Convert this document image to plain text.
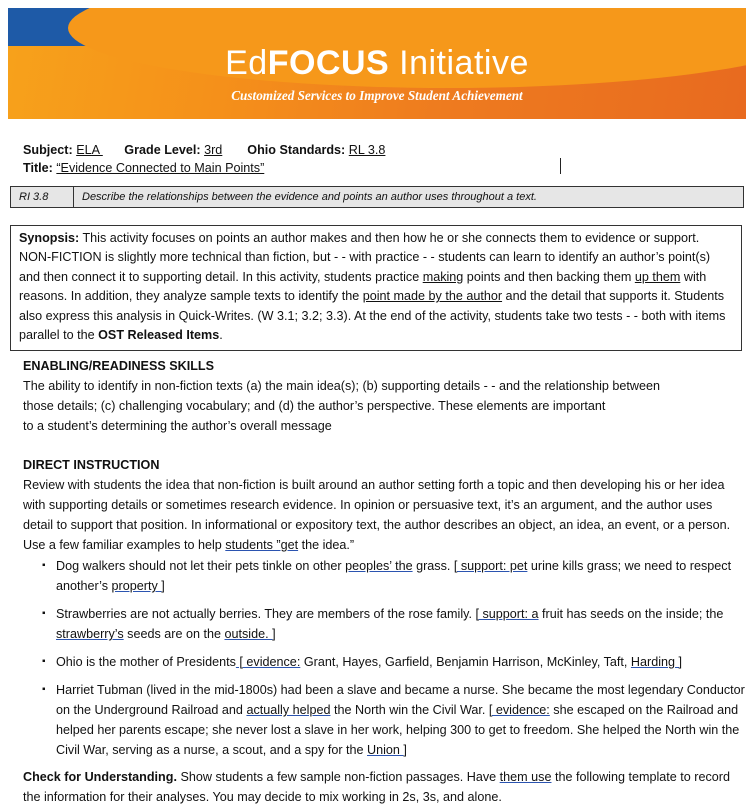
EdFOCUS Initiative
Customized Services to Improve Student Achievement
Subject: ELA  Grade Level: 3rd Ohio Standards: RL 3.8
Title: “Evidence Connected to Main Points”
RI 3.8	Describe the relationships between the evidence and points an author uses throughout a text.
Synopsis: This activity focuses on points an author makes and then how he or she connects them to evidence or support. NON-FICTION is slightly more technical than fiction, but - - with practice - - students can learn to identify an author’s point(s) and then connect it to supporting detail. In this activity, students practice making points and then backing them up them with reasons. In addition, they analyze sample texts to identify the point made by the author and the detail that supports it. Students also express this analysis in Quick-Writes. (W 3.1; 3.2; 3.3). At the end of the activity, students take two tests - - both with items parallel to the OST Released Items.
ENABLING/READINESS SKILLS

The ability to identify in non-fiction texts (a) the main idea(s); (b) supporting details - - and the relationship between

those details; (c) challenging vocabulary; and (d) the author’s perspective. These elements are important

to a student’s determining the author’s overall message

DIRECT INSTRUCTION

Review with students the idea that non-fiction is built around an author setting forth a topic and then developing his or her idea with supporting details or sometimes research evidence. In opinion or persuasive text, it’s an argument, and the author uses detail to support that position. In informational or expository text, the author describes an object, an idea, an event, or a person. Use a few familiar examples to help students ”get the idea.”

▪ Dog walkers should not let their pets tinkle on other peoples’ the grass. [ support: pet urine kills grass; we need to respect another’s property ]
▪ Strawberries are not actually berries. They are members of the rose family. [ support: a fruit has seeds on the inside; the strawberry’s seeds are on the outside. ]
▪ Ohio is the mother of Presidents [ evidence: Grant, Hayes, Garfield, Benjamin Harrison, McKinley, Taft, Harding ]
▪ Harriet Tubman (lived in the mid-1800s) had been a slave and became a nurse. She became the most legendary Conductor on the Underground Railroad and actually helped the North win the Civil War. [ evidence: she escaped on the Railroad and helped her parents escape; she never lost a slave in her work, helping 300 to get to freedom. She helped the North win the Civil War, serving as a nurse, a scout, and a spy for the Union ]
Check for Understanding. Show students a few sample non-fiction passages. Have them use the following template to record the information for their analyses. You may decide to mix working in 2s, 3s, and alone.
